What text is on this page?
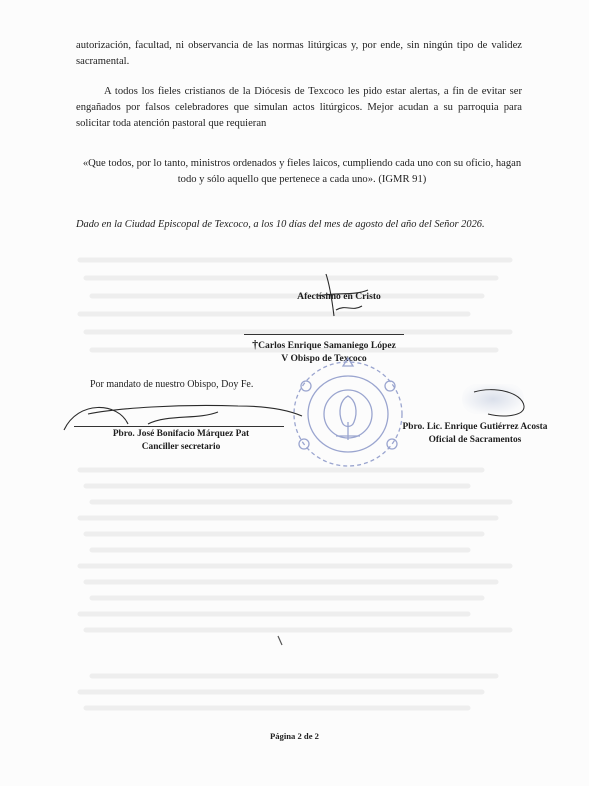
autorización, facultad, ni observancia de las normas litúrgicas y, por ende, sin ningún tipo de validez sacramental.
A todos los fieles cristianos de la Diócesis de Texcoco les pido estar alertas, a fin de evitar ser engañados por falsos celebradores que simulan actos litúrgicos. Mejor acudan a su parroquia para solicitar toda atención pastoral que requieran
«Que todos, por lo tanto, ministros ordenados y fieles laicos, cumpliendo cada uno con su oficio, hagan todo y sólo aquello que pertenece a cada uno». (IGMR 91)
Dado en la Ciudad Episcopal de Texcoco, a los 10 días del mes de agosto del año del Señor 2026.
Afectísimo en Cristo
†Carlos Enrique Samaniego López
V Obispo de Texcoco
Por mandato de nuestro Obispo, Doy Fe.
Pbro. José Bonifacio Márquez Pat
Canciller secretario
Pbro. Lic. Enrique Gutiérrez Acosta
Oficial de Sacramentos
Página 2 de 2
